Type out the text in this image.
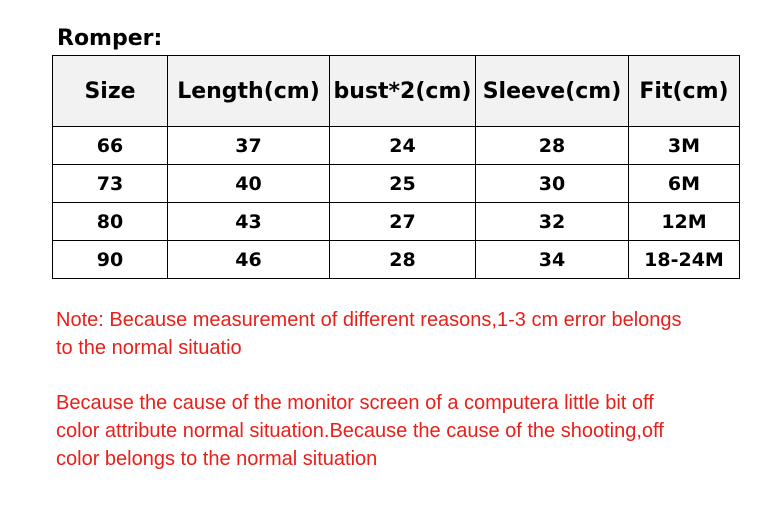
Romper:
Size	Length(cm)	bust*2(cm)	Sleeve(cm)	Fit(cm)
66	37	24	28	3M
73	40	25	30	6M
80	43	27	32	12M
90	46	28	34	18-24M

Note: Because measurement of different reasons,1-3 cm error belongs

to the normal situatio

Because the cause of the monitor screen of a computera little bit off

color attribute normal situation.Because the cause of the shooting,off

color belongs to the normal situation
